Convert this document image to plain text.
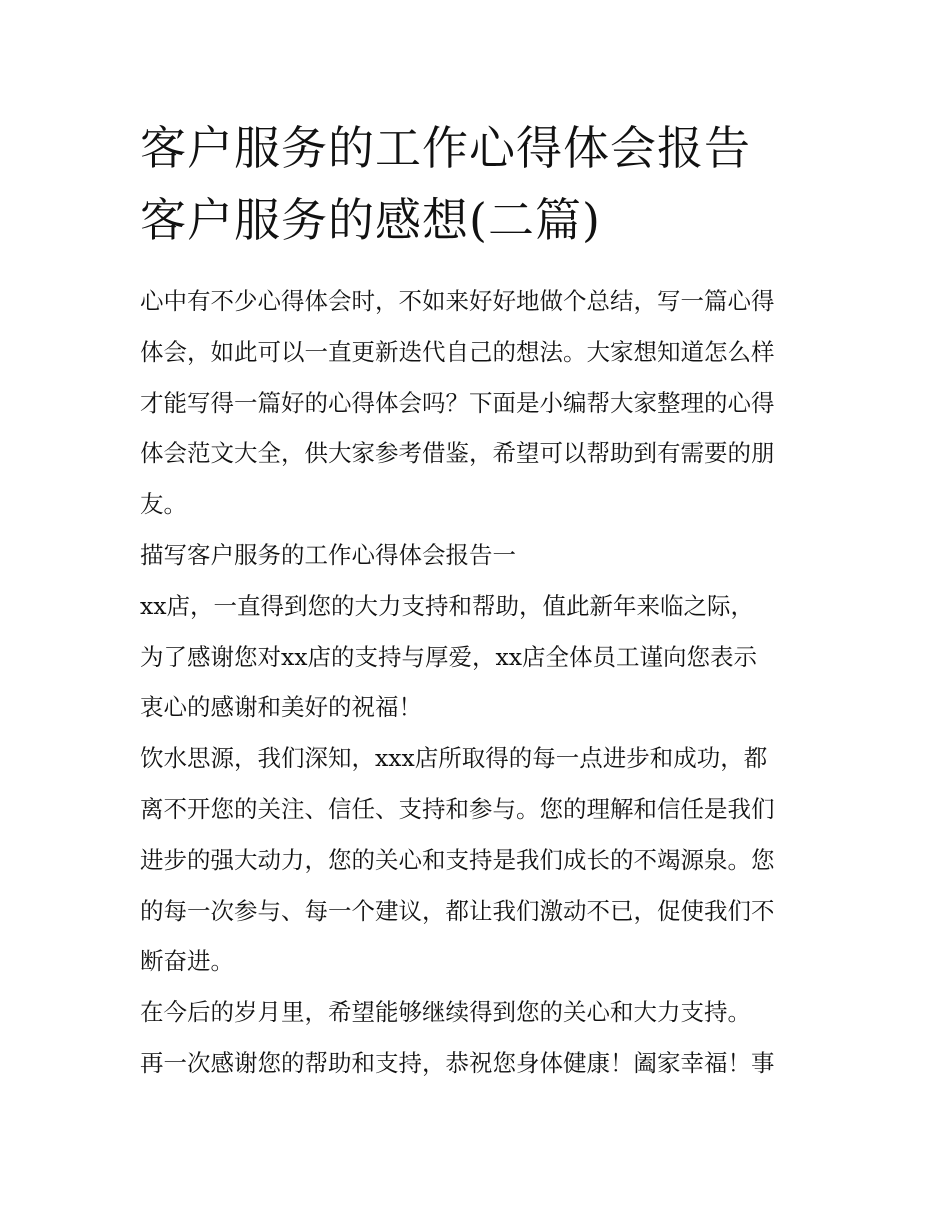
客户服务的工作心得体会报告
客户服务的感想(二篇)
心中有不少心得体会时，不如来好好地做个总结，写一篇心得
体会，如此可以一直更新迭代自己的想法。大家想知道怎么样
才能写得一篇好的心得体会吗？下面是小编帮大家整理的心得
体会范文大全，供大家参考借鉴，希望可以帮助到有需要的朋
友。
描写客户服务的工作心得体会报告一
xx店，一直得到您的大力支持和帮助，值此新年来临之际，
为了感谢您对xx店的支持与厚爱，xx店全体员工谨向您表示
衷心的感谢和美好的祝福！
饮水思源，我们深知，xxx店所取得的每一点进步和成功，都
离不开您的关注、信任、支持和参与。您的理解和信任是我们
进步的强大动力，您的关心和支持是我们成长的不竭源泉。您
的每一次参与、每一个建议，都让我们激动不已，促使我们不
断奋进。
在今后的岁月里，希望能够继续得到您的关心和大力支持。
再一次感谢您的帮助和支持，恭祝您身体健康！阖家幸福！事
